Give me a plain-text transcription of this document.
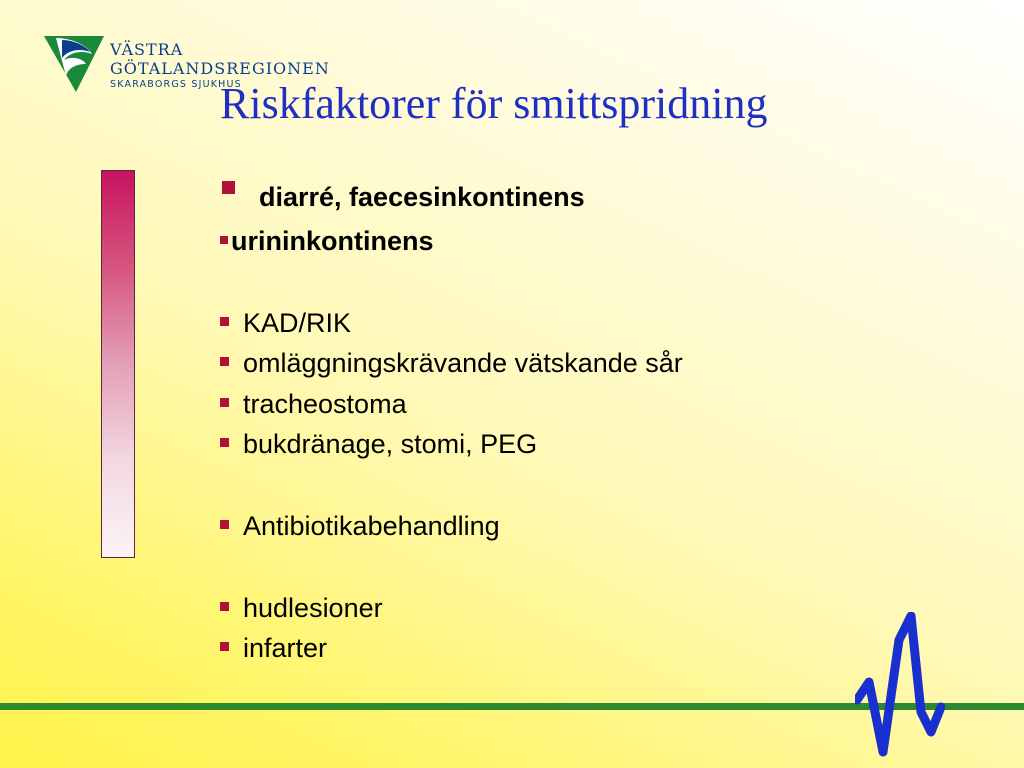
VÄSTRA
GÖTALANDSREGIONEN
SKARABORGS SJUKHUS
Riskfaktorer för smittspridning
diarré, faecesinkontinens
urininkontinens
KAD/RIK
omläggningskrävande vätskande sår
tracheostoma
bukdränage, stomi, PEG
Antibiotikabehandling
hudlesioner
infarter
